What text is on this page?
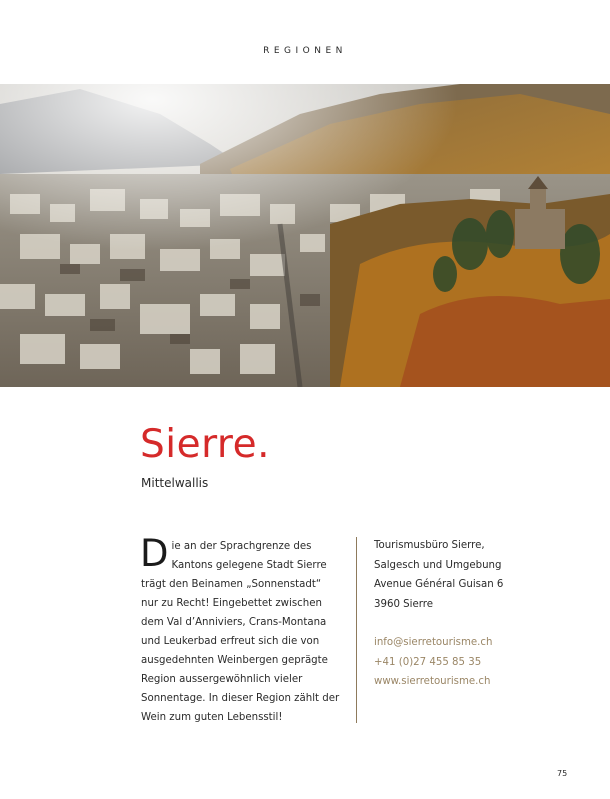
REGIONEN
Sierre.
Mittelwallis
Die an der Sprachgrenze des Kantons gelegene Stadt Sierre trägt den Beinamen „Sonnenstadt“ nur zu Recht! Eingebettet zwischen dem Val d’Anniviers, Crans-Montana und Leukerbad erfreut sich die von ausgedehnten Weinbergen geprägte Region aussergewöhnlich vieler Sonnentage. In dieser Region zählt der Wein zum guten Lebensstil!
Tourismusbüro Sierre,
Salgesch und Umgebung
Avenue Général Guisan 6
3960 Sierre
info@sierretourisme.ch
+41 (0)27 455 85 35
www.sierretourisme.ch
75
